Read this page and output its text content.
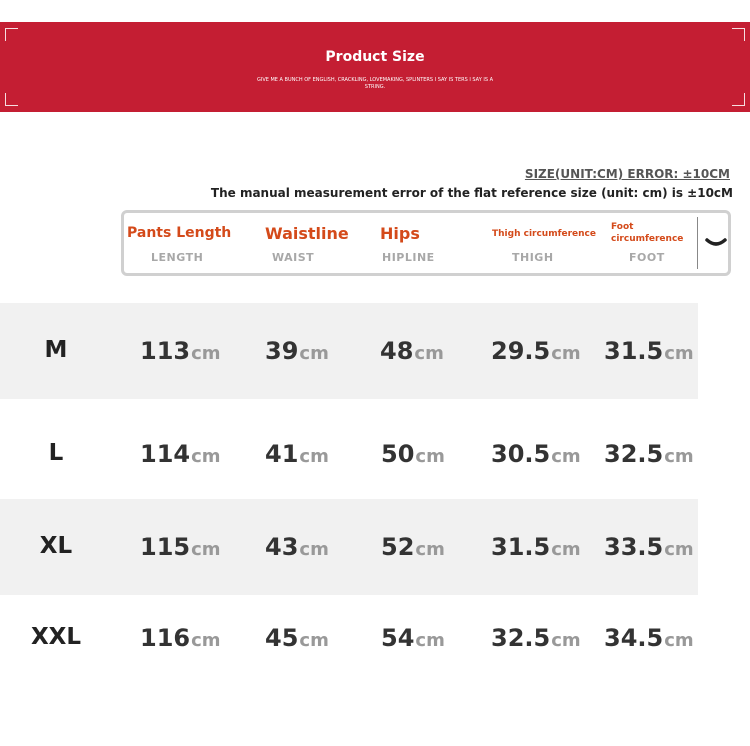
Product Size
GIVE ME A BUNCH OF ENGLISH, CRACKLING, LOVEMAKING, SPLINTERS I SAY IS TERS I SAY IS A STRING.
SIZE(UNIT:CM) ERROR: ±10CM
The manual measurement error of the flat reference size (unit: cm) is ±10cM
Pants Length
LENGTH
Waistline
WAIST
Hips
HIPLINE
Thigh circumference
THIGH
Foot
circumference
FOOT
M	113cm 39cm 48cm 29.5cm 31.5cm
L	114cm 41cm 50cm 30.5cm 32.5cm
XL	115cm 43cm 52cm 31.5cm 33.5cm
XXL	116cm 45cm 54cm 32.5cm 34.5cm
